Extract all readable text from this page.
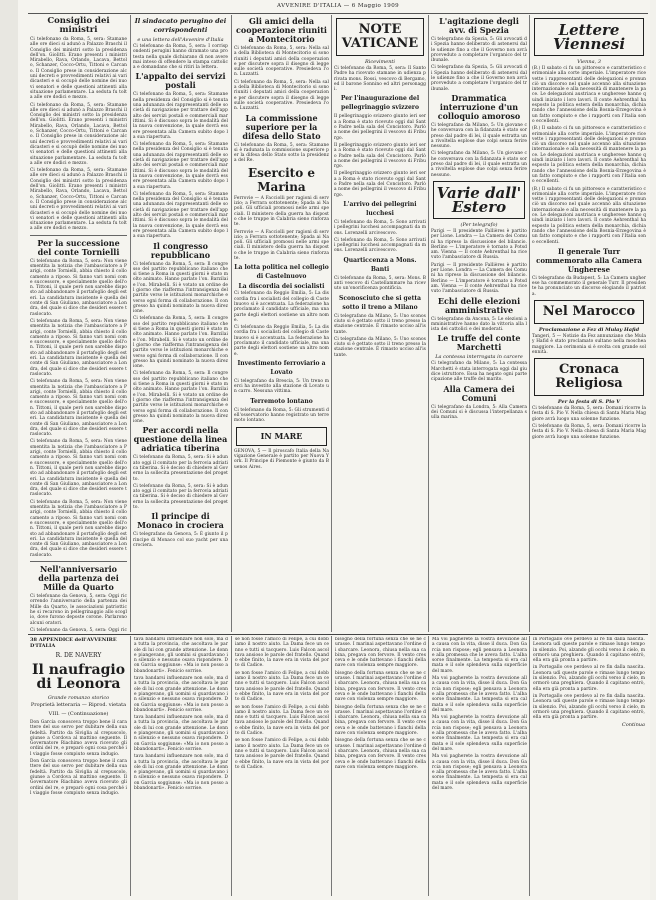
AVVENIRE D'ITALIA — 6 Maggio 1909
Consiglio dei ministri

Ci telefonano da Roma, 5, sera: Stamane alle ore dieci si adunò a Palazzo Braschi il Consiglio dei ministri sotto la presidenza dell'on. Giolitti. Erano presenti i ministri Mirabello, Rava, Orlando, Lacava, Bettolo, Schanzer, Cocco-Ortu, Tittoni e Carcano. Il Consiglio prese in considerazione alcuni decreti e provvedimenti relativi ai vari dicasteri e si occupò delle nomine dei nuovi senatori e delle questioni attinenti alla situazione parlamentare. La seduta fu tolta alle ore dodici e mezzo.

Ci telefonano da Roma, 5, sera: Stamane alle ore dieci si adunò a Palazzo Braschi il Consiglio dei ministri sotto la presidenza dell'on. Giolitti. Erano presenti i ministri Mirabello, Rava, Orlando, Lacava, Bettolo, Schanzer, Cocco-Ortu, Tittoni e Carcano. Il Consiglio prese in considerazione alcuni decreti e provvedimenti relativi ai vari dicasteri e si occupò delle nomine dei nuovi senatori e delle questioni attinenti alla situazione parlamentare. La seduta fu tolta alle ore dodici e mezzo.

Ci telefonano da Roma, 5, sera: Stamane alle ore dieci si adunò a Palazzo Braschi il Consiglio dei ministri sotto la presidenza dell'on. Giolitti. Erano presenti i ministri Mirabello, Rava, Orlando, Lacava, Bettolo, Schanzer, Cocco-Ortu, Tittoni e Carcano. Il Consiglio prese in considerazione alcuni decreti e provvedimenti relativi ai vari dicasteri e si occupò delle nomine dei nuovi senatori e delle questioni attinenti alla situazione parlamentare. La seduta fu tolta alle ore dodici e mezzo.

Per la successione del conte Tornielli

Ci telefonano da Roma, 5, sera: Non viene smentita la notizia che l'ambasciatore a Parigi, conte Tornielli, abbia chiesto il collocamento a riposo. Si fanno vari nomi come successore, e specialmente quello dell'on. Tittoni, il quale però non sarebbe disposto ad abbandonare il portafoglio degli esteri. La candidatura insistente è quella del conte di San Giuliano, ambasciatore a Londra, del quale si dice che desideri essere traslocato.

Ci telefonano da Roma, 5, sera: Non viene smentita la notizia che l'ambasciatore a Parigi, conte Tornielli, abbia chiesto il collocamento a riposo. Si fanno vari nomi come successore, e specialmente quello dell'on. Tittoni, il quale però non sarebbe disposto ad abbandonare il portafoglio degli esteri. La candidatura insistente è quella del conte di San Giuliano, ambasciatore a Londra, del quale si dice che desideri essere traslocato.

Ci telefonano da Roma, 5, sera: Non viene smentita la notizia che l'ambasciatore a Parigi, conte Tornielli, abbia chiesto il collocamento a riposo. Si fanno vari nomi come successore, e specialmente quello dell'on. Tittoni, il quale però non sarebbe disposto ad abbandonare il portafoglio degli esteri. La candidatura insistente è quella del conte di San Giuliano, ambasciatore a Londra, del quale si dice che desideri essere traslocato.

Ci telefonano da Roma, 5, sera: Non viene smentita la notizia che l'ambasciatore a Parigi, conte Tornielli, abbia chiesto il collocamento a riposo. Si fanno vari nomi come successore, e specialmente quello dell'on. Tittoni, il quale però non sarebbe disposto ad abbandonare il portafoglio degli esteri. La candidatura insistente è quella del conte di San Giuliano, ambasciatore a Londra, del quale si dice che desideri essere traslocato.

Ci telefonano da Roma, 5, sera: Non viene smentita la notizia che l'ambasciatore a Parigi, conte Tornielli, abbia chiesto il collocamento a riposo. Si fanno vari nomi come successore, e specialmente quello dell'on. Tittoni, il quale però non sarebbe disposto ad abbandonare il portafoglio degli esteri. La candidatura insistente è quella del conte di San Giuliano, ambasciatore a Londra, del quale si dice che desideri essere traslocato.

Nell'anniversario della partenza dei Mille da Quarto

Ci telefonano da Genova, 5, sera: Oggi ricorrendo l'anniversario della partenza dei Mille da Quarto, le associazioni patriottiche si recarono in pellegrinaggio allo scoglio, dove furono deposte corone. Parlarono alcuni oratori.

Ci telefonano da Genova, 5, sera: Oggi ric

Il sindacato perugino dei corrispondenti
e una lettera dell'Avvenire d'Italia

Ci telefonano da Roma, 5, sera: I corrispondenti perugini hanno diramato una protesta nella quale dichiarano di non avere mai inteso di offendere la stampa cattolica e domandano che si ritiri la lettera.

L'appalto dei servizi postali

Ci telefonano da Roma, 5, sera: Stamane nella presidenza del Consiglio si è tenuta una adunanza dei rappresentanti delle società di navigazione per trattare dell'appalto dei servizi postali e commerciali marittimi. Si è discusso sopra le modalità della nuova convenzione, la quale dovrà essere presentata alla Camera subito dopo la sua riapertura.

Ci telefonano da Roma, 5, sera: Stamane nella presidenza del Consiglio si è tenuta una adunanza dei rappresentanti delle società di navigazione per trattare dell'appalto dei servizi postali e commerciali marittimi. Si è discusso sopra le modalità della nuova convenzione, la quale dovrà essere presentata alla Camera subito dopo la sua riapertura.

Ci telefonano da Roma, 5, sera: Stamane nella presidenza del Consiglio si è tenuta una adunanza dei rappresentanti delle società di navigazione per trattare dell'appalto dei servizi postali e commerciali marittimi. Si è discusso sopra le modalità della nuova convenzione, la quale dovrà essere presentata alla Camera subito dopo la sua riapertura.

Il congresso repubblicano

Ci telefonano da Roma, 5, sera: Il congresso del partito repubblicano italiano che si tiene a Roma in questi giorni è stato molto animato. Hanno parlato l'on. Barzilai e l'on. Mirabelli. Si è votato un ordine del giorno che riafferma l'intransigenza del partito verso le istituzioni monarchiche e verso ogni forma di collaborazione. Il congresso ha quindi nominato la nuova direzione.

Ci telefonano da Roma, 5, sera: Il congresso del partito repubblicano italiano che si tiene a Roma in questi giorni è stato molto animato. Hanno parlato l'on. Barzilai e l'on. Mirabelli. Si è votato un ordine del giorno che riafferma l'intransigenza del partito verso le istituzioni monarchiche e verso ogni forma di collaborazione. Il congresso ha quindi nominato la nuova direzione.

Ci telefonano da Roma, 5, sera: Il congresso del partito repubblicano italiano che si tiene a Roma in questi giorni è stato molto animato. Hanno parlato l'on. Barzilai e l'on. Mirabelli. Si è votato un ordine del giorno che riafferma l'intransigenza del partito verso le istituzioni monarchiche e verso ogni forma di collaborazione. Il congresso ha quindi nominato la nuova direzione.

Per accordi nella questione della linea adriatica tiberina

Ci telefonano da Roma, 5, sera: Si è adunato oggi il comitato per la ferrovia adriatica tiberina. Si è deciso di chiedere al Governo la sollecita presentazione del progetto.

Ci telefonano da Roma, 5, sera: Si è adunato oggi il comitato per la ferrovia adriatica tiberina. Si è deciso di chiedere al Governo la sollecita presentazione del progetto.

Il principe di Monaco in crociera

Ci telegrafano da Genova, 5: È giunto il principe di Monaco col suo yacht per una crociera.

Gli amici della cooperazione riuniti a Montecitorio

Ci telefonano da Roma, 5, sera: Nella sala della Biblioteca di Montecitorio si sono riuniti i deputati amici della cooperazione per discutere sopra il disegno di legge sulle società cooperative. Presiedeva l'on. Luzzatti.

Ci telefonano da Roma, 5, sera: Nella sala della Biblioteca di Montecitorio si sono riuniti i deputati amici della cooperazione per discutere sopra il disegno di legge sulle società cooperative. Presiedeva l'on. Luzzatti.

La commissione superiore per la difesa dello Stato

Ci telefonano da Roma, 5, sera: Stamane si è radunata la commissione superiore per la difesa dello Stato sotto la presidenza del Re.

Esercito e Marina

Ferrovie — A Facciolli per ragioni di servizio; a Ferrara sottotenente; Spada ai Napoli. Gli ufficiali promossi nelle armi speciali. Il ministero della guerra ha disposto che le truppe in Calabria sieno rinforzate.

Ferrovie — A Facciolli per ragioni di servizio; a Ferrara sottotenente; Spada ai Napoli. Gli ufficiali promossi nelle armi speciali. Il ministero della guerra ha disposto che le truppe in Calabria sieno rinforzate.

La lotta politica nel collegio di Castelnuovo
La discordia dei socialisti

Ci telefonano da Reggio Emilia, 5: La discordia fra i socialisti del collegio di Castelnuovo si è accentuata. La federazione ha proclamato il candidato ufficiale, ma una parte degli elettori sostiene un altro nome.

Ci telefonano da Reggio Emilia, 5: La discordia fra i socialisti del collegio di Castelnuovo si è accentuata. La federazione ha proclamato il candidato ufficiale, ma una parte degli elettori sostiene un altro nome.

Investimento ferroviario a Lovato

Ci telegrafano da Brescia, 5: Un treno merci ha investito alla stazione di Lovato un carro. Nessuna vittima.

Terremoto lontano

Ci telefonano da Roma, 5: Gli strumenti dell'osservatorio hanno registrato un terremoto lontano.

IN MARE

GENOVA, 5 — Il piroscafo Italia della Navigazione Generale è partito per Nuova York. Il Principe di Piemonte è giunto da Buenos Aires.

NOTE VATICANE
Ricevimenti

Ci telefonano da Roma, 5, sera: Il Santo Padre ha ricevuto stamane in udienza privata mons. Rossi, vescovo di Bergamo, ed il barone Sonnino ed altri personaggi.

Per l'inaugurazione del pellegrinaggio svizzero

Il pellegrinaggio svizzero giunto ieri sera a Roma è stato ricevuto oggi dal Santo Padre nella sala del Concistoro. Parlò a nome dei pellegrini il vescovo di Friburgo.

Il pellegrinaggio svizzero giunto ieri sera a Roma è stato ricevuto oggi dal Santo Padre nella sala del Concistoro. Parlò a nome dei pellegrini il vescovo di Friburgo.

Il pellegrinaggio svizzero giunto ieri sera a Roma è stato ricevuto oggi dal Santo Padre nella sala del Concistoro. Parlò a nome dei pellegrini il vescovo di Friburgo.

L'arrivo dei pellegrini lucchesi

Ci telefonano da Roma, 5: Sono arrivati i pellegrini lucchesi accompagnati da mons. Lorenzelli arcivescovo.

Ci telefonano da Roma, 5: Sono arrivati i pellegrini lucchesi accompagnati da mons. Lorenzelli arcivescovo.

Quarticcenza a Mons. Banti

Ci telefonano da Roma, 5, sera: Mons. Banti vescovo di Castellammare ha ricevuto un'onorificenza pontificia.

Sconosciuto che si getta sotto il treno a Milano

Ci telegrafano da Milano, 5: Uno sconosciuto si è gettato sotto il treno presso la stazione centrale. È rimasto ucciso all'istante.

Ci telegrafano da Milano, 5: Uno sconosciuto si è gettato sotto il treno presso la stazione centrale. È rimasto ucciso all'istante.

L'agitazione degli avv. di Spezia

Ci telegrafano da Spezia, 5: Gli avvocati di Spezia hanno deliberato di astenersi dalle udienze fino a che il Governo non avrà provveduto a completare l'organico del tribunale.

Ci telegrafano da Spezia, 5: Gli avvocati di Spezia hanno deliberato di astenersi dalle udienze fino a che il Governo non avrà provveduto a completare l'organico del tribunale.

Drammatica interruzione d'un colloquio amoroso

Ci telegrafano da Milano, 5: Un giovane che conversava con la fidanzata è stato sorpreso dal padre di lei, il quale estratta una rivoltella esplose due colpi senza ferire nessuno.

Ci telegrafano da Milano, 5: Un giovane che conversava con la fidanzata è stato sorpreso dal padre di lei, il quale estratta una rivoltella esplose due colpi senza ferire nessuno.

Varie dall' Estero
(Per telegrafo)

Parigi — Il presidente Fallières è partito per Lione. Londra — La Camera dei Comuni ha ripreso la discussione del bilancio. Berlino — L'imperatore è tornato a Potsdam. Vienna — Il conte Aehrenthal ha ricevuto l'ambasciatore di Russia.

Parigi — Il presidente Fallières è partito per Lione. Londra — La Camera dei Comuni ha ripreso la discussione del bilancio. Berlino — L'imperatore è tornato a Potsdam. Vienna — Il conte Aehrenthal ha ricevuto l'ambasciatore di Russia.

Echi delle elezioni amministrative

Ci telegrafano da Ancona, 5: Le elezioni amministrative hanno dato la vittoria alla lista dei cattolici e dei moderati.

Le truffe del conte Marchetti
La contessa interrogata in carcere

Ci telegrafano da Milano, 5: La contessa Marchetti è stata interrogata oggi dal giudice istruttore. Essa ha negato ogni partecipazione alle truffe del marito.

Alla Camera dei Comuni

Ci telegrafano da Londra, 5: Alla Camera dei Comuni si è discussa l'interpellanza sulla marina.

Lettere Viennesi
Vienna, 3

(B.) Il sabato ci fu un pittoresco e caratteristico cerimoniale alla corte imperiale. L'imperatore ricevette i rappresentanti delle delegazioni e pronunciò un discorso nel quale accennò alla situazione internazionale e alla necessità di mantenere la pace. Le delegazioni austriaca e ungherese hanno quindi iniziato i loro lavori. Il conte Aehrenthal ha esposto la politica estera della monarchia, dichiarando che l'annessione della Bosnia-Erzegovina è un fatto compiuto e che i rapporti con l'Italia sono eccellenti.

(B.) Il sabato ci fu un pittoresco e caratteristico cerimoniale alla corte imperiale. L'imperatore ricevette i rappresentanti delle delegazioni e pronunciò un discorso nel quale accennò alla situazione internazionale e alla necessità di mantenere la pace. Le delegazioni austriaca e ungherese hanno quindi iniziato i loro lavori. Il conte Aehrenthal ha esposto la politica estera della monarchia, dichiarando che l'annessione della Bosnia-Erzegovina è un fatto compiuto e che i rapporti con l'Italia sono eccellenti.

(B.) Il sabato ci fu un pittoresco e caratteristico cerimoniale alla corte imperiale. L'imperatore ricevette i rappresentanti delle delegazioni e pronunciò un discorso nel quale accennò alla situazione internazionale e alla necessità di mantenere la pace. Le delegazioni austriaca e ungherese hanno quindi iniziato i loro lavori. Il conte Aehrenthal ha esposto la politica estera della monarchia, dichiarando che l'annessione della Bosnia-Erzegovina è un fatto compiuto e che i rapporti con l'Italia sono eccellenti.

Il generale Turr commemorato alla Camera Ungherese

Ci telegrafano da Budapest, 5: La Camera ungherese ha commemorato il generale Turr. Il presidente ha pronunciato un discorso elogiando il patriota.

Nel Marocco
Proclamazione a Fez di Mulay Hafid

Tangeri, 5 — Notizie da Fez annunziano che Mulay Hafid è stato proclamato sultano nella moschea maggiore. La cerimonia si è svolta con grande solennità.

Cronaca Religiosa
Per la festa di S. Pio V

Ci telefonano da Roma, 5, sera: Domani ricorre la festa di S. Pio V. Nella chiesa di Santa Maria Maggiore avrà luogo una solenne funzione.

Ci telefonano da Roma, 5, sera: Domani ricorre la festa di S. Pio V. Nella chiesa di Santa Maria Maggiore avrà luogo una solenne funzione.

38 APPENDICE dell'AVVENIRE D'ITALIA
R. DE NAVERY
Il naufragio di Leonora
Grande romanzo storico
Proprietà letteraria — Riprod. vietata
VIII. — (Continuazione)

Don Garcia conosceva troppo bene il carattere del suo servo per dubitare della sua fedeltà. Partito da Siviglia al crepuscolo, giunse a Cordova al mattino seguente. Il Governatore Riachimo aveva ricevuto gli ordini del re, e preparò ogni cosa perché il viaggio fosse compiuto senza indugio.

Don Garcia conosceva troppo bene il carattere del suo servo per dubitare della sua fedeltà. Partito da Siviglia al crepuscolo, giunse a Cordova al mattino seguente. Il Governatore Riachimo aveva ricevuto gli ordini del re, e preparò ogni cosa perché il viaggio fosse compiuto senza indugio.

tava bandarsi influenzare non solo, ma da tutta la provincia, che ascoltava le parole di lui con grande attenzione. Le donne piangevano, gli uomini si guardavano in silenzio e nessuno osava rispondere. Don Garcia soggiunse: «Ma io non posso abbandonarti». Fenicio sorrise.

tava bandarsi influenzare non solo, ma da tutta la provincia, che ascoltava le parole di lui con grande attenzione. Le donne piangevano, gli uomini si guardavano in silenzio e nessuno osava rispondere. Don Garcia soggiunse: «Ma io non posso abbandonarti». Fenicio sorrise.

tava bandarsi influenzare non solo, ma da tutta la provincia, che ascoltava le parole di lui con grande attenzione. Le donne piangevano, gli uomini si guardavano in silenzio e nessuno osava rispondere. Don Garcia soggiunse: «Ma io non posso abbandonarti». Fenicio sorrise.

tava bandarsi influenzare non solo, ma da tutta la provincia, che ascoltava le parole di lui con grande attenzione. Le donne piangevano, gli uomini si guardavano in silenzio e nessuno osava rispondere. Don Garcia soggiunse: «Ma io non posso abbandonarti». Fenicio sorrise.

se non fosse l'amico di Felipe, a cui dobbiamo il nostro aiuto. La Dama fece un cenno e tutti si tacquero. Luis Falcon ascoltava ansioso le parole del fratello. Quando ebbe finito, la nave era in vista del porto di Cadice.

se non fosse l'amico di Felipe, a cui dobbiamo il nostro aiuto. La Dama fece un cenno e tutti si tacquero. Luis Falcon ascoltava ansioso le parole del fratello. Quando ebbe finito, la nave era in vista del porto di Cadice.

se non fosse l'amico di Felipe, a cui dobbiamo il nostro aiuto. La Dama fece un cenno e tutti si tacquero. Luis Falcon ascoltava ansioso le parole del fratello. Quando ebbe finito, la nave era in vista del porto di Cadice.

se non fosse l'amico di Felipe, a cui dobbiamo il nostro aiuto. La Dama fece un cenno e tutti si tacquero. Luis Falcon ascoltava ansioso le parole del fratello. Quando ebbe finito, la nave era in vista del porto di Cadice.

bisogno della fortuna senza che se ne curasse. I marinai aspettavano l'ordine di sbarcare. Leonora, chiusa nella sua cabina, pregava con fervore. Il vento cresceva e le onde battevano i fianchi della nave con violenza sempre maggiore.

bisogno della fortuna senza che se ne curasse. I marinai aspettavano l'ordine di sbarcare. Leonora, chiusa nella sua cabina, pregava con fervore. Il vento cresceva e le onde battevano i fianchi della nave con violenza sempre maggiore.

bisogno della fortuna senza che se ne curasse. I marinai aspettavano l'ordine di sbarcare. Leonora, chiusa nella sua cabina, pregava con fervore. Il vento cresceva e le onde battevano i fianchi della nave con violenza sempre maggiore.

bisogno della fortuna senza che se ne curasse. I marinai aspettavano l'ordine di sbarcare. Leonora, chiusa nella sua cabina, pregava con fervore. Il vento cresceva e le onde battevano i fianchi della nave con violenza sempre maggiore.

Ma voi pagherete la vostra devozione alla causa con la vita, disse il duca. Don Garcia non rispose; egli pensava a Leonora e alla promessa che le aveva fatto. L'alba sorse finalmente. La tempesta si era calmata e il sole splendeva sulla superficie del mare.

Ma voi pagherete la vostra devozione alla causa con la vita, disse il duca. Don Garcia non rispose; egli pensava a Leonora e alla promessa che le aveva fatto. L'alba sorse finalmente. La tempesta si era calmata e il sole splendeva sulla superficie del mare.

Ma voi pagherete la vostra devozione alla causa con la vita, disse il duca. Don Garcia non rispose; egli pensava a Leonora e alla promessa che le aveva fatto. L'alba sorse finalmente. La tempesta si era calmata e il sole splendeva sulla superficie del mare.

Ma voi pagherete la vostra devozione alla causa con la vita, disse il duca. Don Garcia non rispose; egli pensava a Leonora e alla promessa che le aveva fatto. L'alba sorse finalmente. La tempesta si era calmata e il sole splendeva sulla superficie del mare.

in Portogallo ove perdevo al re fin dalla nascita. Leonora udì queste parole e rimase lungo tempo in silenzio. Poi, alzando gli occhi verso il cielo, mormorò una preghiera. Quando il capitano entrò, ella era già pronta a partire.

in Portogallo ove perdevo al re fin dalla nascita. Leonora udì queste parole e rimase lungo tempo in silenzio. Poi, alzando gli occhi verso il cielo, mormorò una preghiera. Quando il capitano entrò, ella era già pronta a partire.

in Portogallo ove perdevo al re fin dalla nascita. Leonora udì queste parole e rimase lungo tempo in silenzio. Poi, alzando gli occhi verso il cielo, mormorò una preghiera. Quando il capitano entrò, ella era già pronta a partire.

Continua
